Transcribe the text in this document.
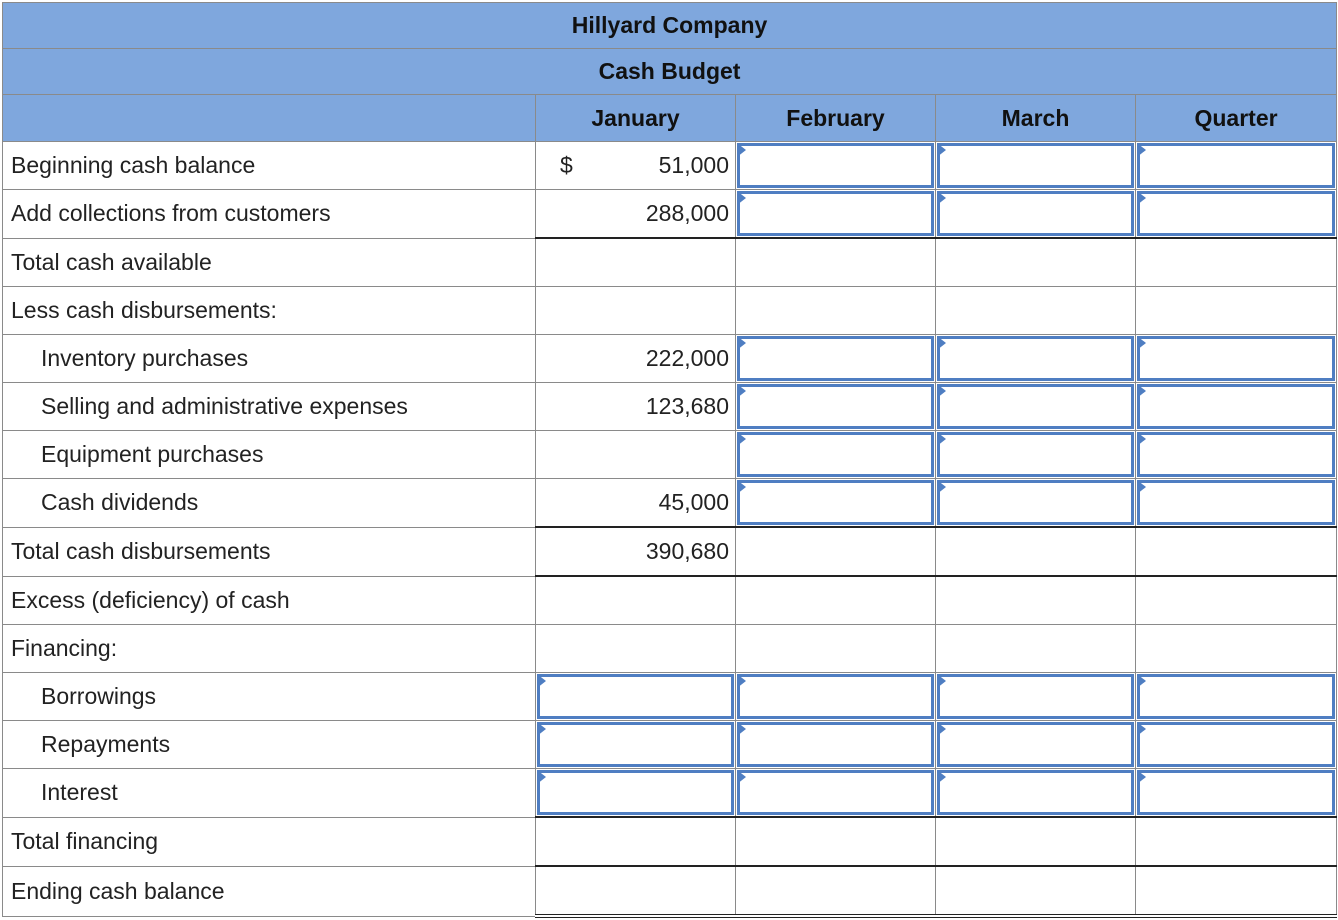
Hillyard Company				
Cash Budget				
	January	February	March	Quarter
Beginning cash balance	$ 51,000			

Add collections from customers	288,000			

Total cash available				
Less cash disbursements:				
Inventory purchases	222,000			

Selling and administrative expenses	123,680			

Equipment purchases		

Cash dividends	45,000			

Total cash disbursements	390,680			

Excess (deficiency) of cash				
Financing:				
Borrowings	

Repayments	

Interest	

Total financing				
Ending cash balance				
